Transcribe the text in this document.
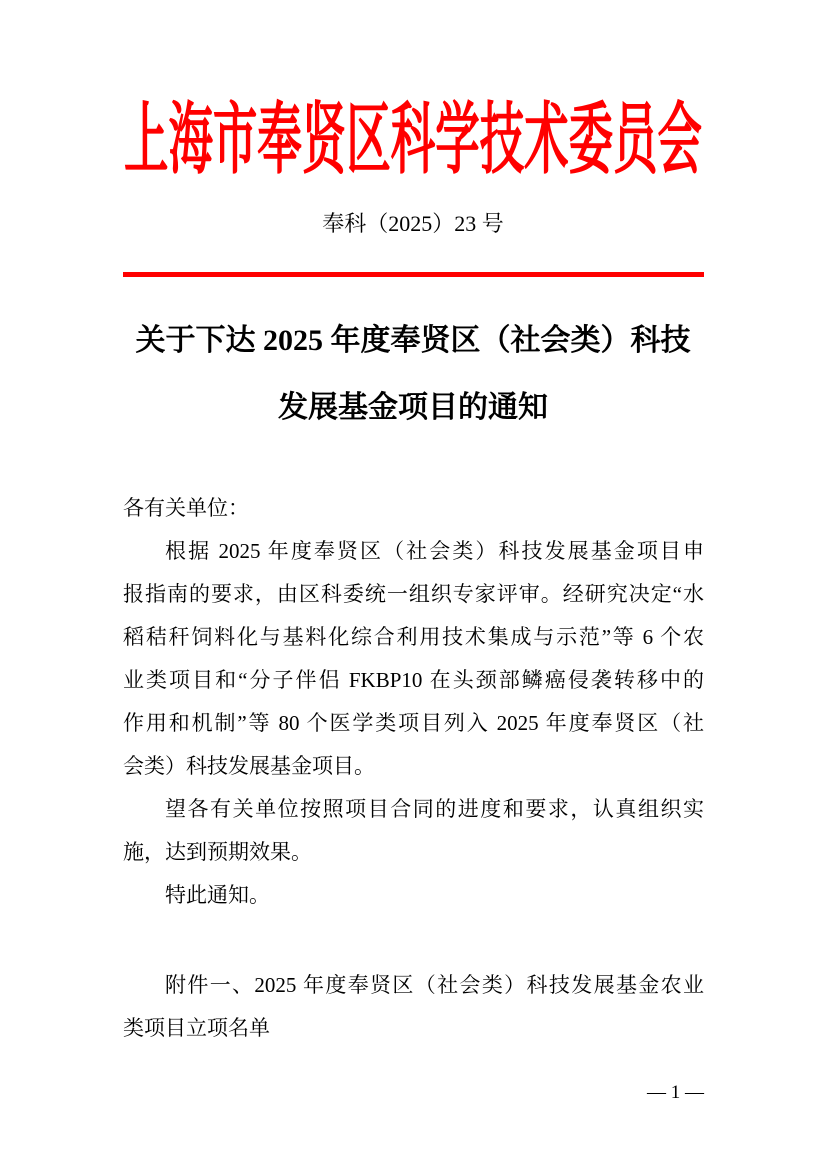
上海市奉贤区科学技术委员会
奉科（2025）23 号
关于下达 2025 年度奉贤区（社会类）科技
发展基金项目的通知
各有关单位：
根据 2025 年度奉贤区（社会类）科技发展基金项目申
报指南的要求，由区科委统一组织专家评审。经研究决定“水
稻秸秆饲料化与基料化综合利用技术集成与示范”等 6 个农
业类项目和“分子伴侣 FKBP10 在头颈部鳞癌侵袭转移中的
作用和机制”等 80 个医学类项目列入 2025 年度奉贤区（社
会类）科技发展基金项目。
望各有关单位按照项目合同的进度和要求，认真组织实
施，达到预期效果。
特此通知。
附件一、2025 年度奉贤区（社会类）科技发展基金农业
类项目立项名单
— 1 —
